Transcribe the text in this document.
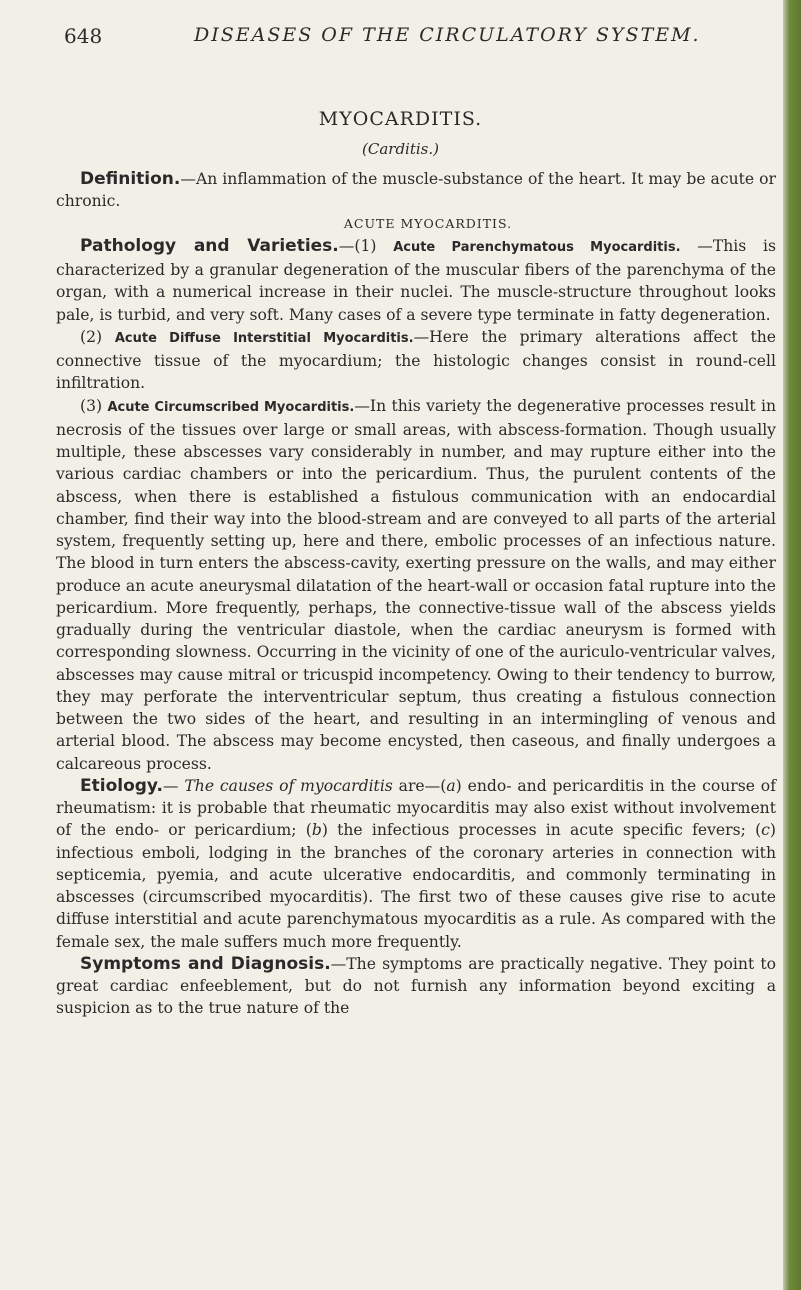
648	DISEASES OF THE CIRCULATORY SYSTEM.
MYOCARDITIS.
(Carditis.)

Definition.—An inflammation of the muscle-substance of the heart. It may be acute or chronic.

ACUTE MYOCARDITIS.

Pathology and Varieties.—(1) Acute Parenchymatous Myocarditis. —This is characterized by a granular degeneration of the muscular fibers of the parenchyma of the organ, with a numerical increase in their nuclei. The muscle-structure throughout looks pale, is turbid, and very soft. Many cases of a severe type terminate in fatty degeneration.

(2) Acute Diffuse Interstitial Myocarditis.—Here the primary alterations affect the connective tissue of the myocardium; the histologic changes consist in round-cell infiltration.

(3) Acute Circumscribed Myocarditis.—In this variety the degenerative processes result in necrosis of the tissues over large or small areas, with abscess-formation. Though usually multiple, these abscesses vary considerably in number, and may rupture either into the various cardiac chambers or into the pericardium. Thus, the purulent contents of the abscess, when there is established a fistulous communication with an endocardial chamber, find their way into the blood-stream and are conveyed to all parts of the arterial system, frequently setting up, here and there, embolic processes of an infectious nature. The blood in turn enters the abscess-cavity, exerting pressure on the walls, and may either produce an acute aneurysmal dilatation of the heart-wall or occasion fatal rupture into the pericardium. More frequently, perhaps, the connective-tissue wall of the abscess yields gradually during the ventricular diastole, when the cardiac aneurysm is formed with corresponding slowness. Occurring in the vicinity of one of the auriculo-ventricular valves, abscesses may cause mitral or tricuspid incompetency. Owing to their tendency to burrow, they may perforate the interventricular septum, thus creating a fistulous connection between the two sides of the heart, and resulting in an intermingling of venous and arterial blood. The abscess may become encysted, then caseous, and finally undergoes a calcareous process.

Etiology.— The causes of myocarditis are—(a) endo- and pericarditis in the course of rheumatism: it is probable that rheumatic myocarditis may also exist without involvement of the endo- or pericardium; (b) the infectious processes in acute specific fevers; (c) infectious emboli, lodging in the branches of the coronary arteries in connection with septicemia, pyemia, and acute ulcerative endocarditis, and commonly terminating in abscesses (circumscribed myocarditis). The first two of these causes give rise to acute diffuse interstitial and acute parenchymatous myocarditis as a rule. As compared with the female sex, the male suffers much more frequently.

Symptoms and Diagnosis.—The symptoms are practically negative. They point to great cardiac enfeeblement, but do not furnish any information beyond exciting a suspicion as to the true nature of the
